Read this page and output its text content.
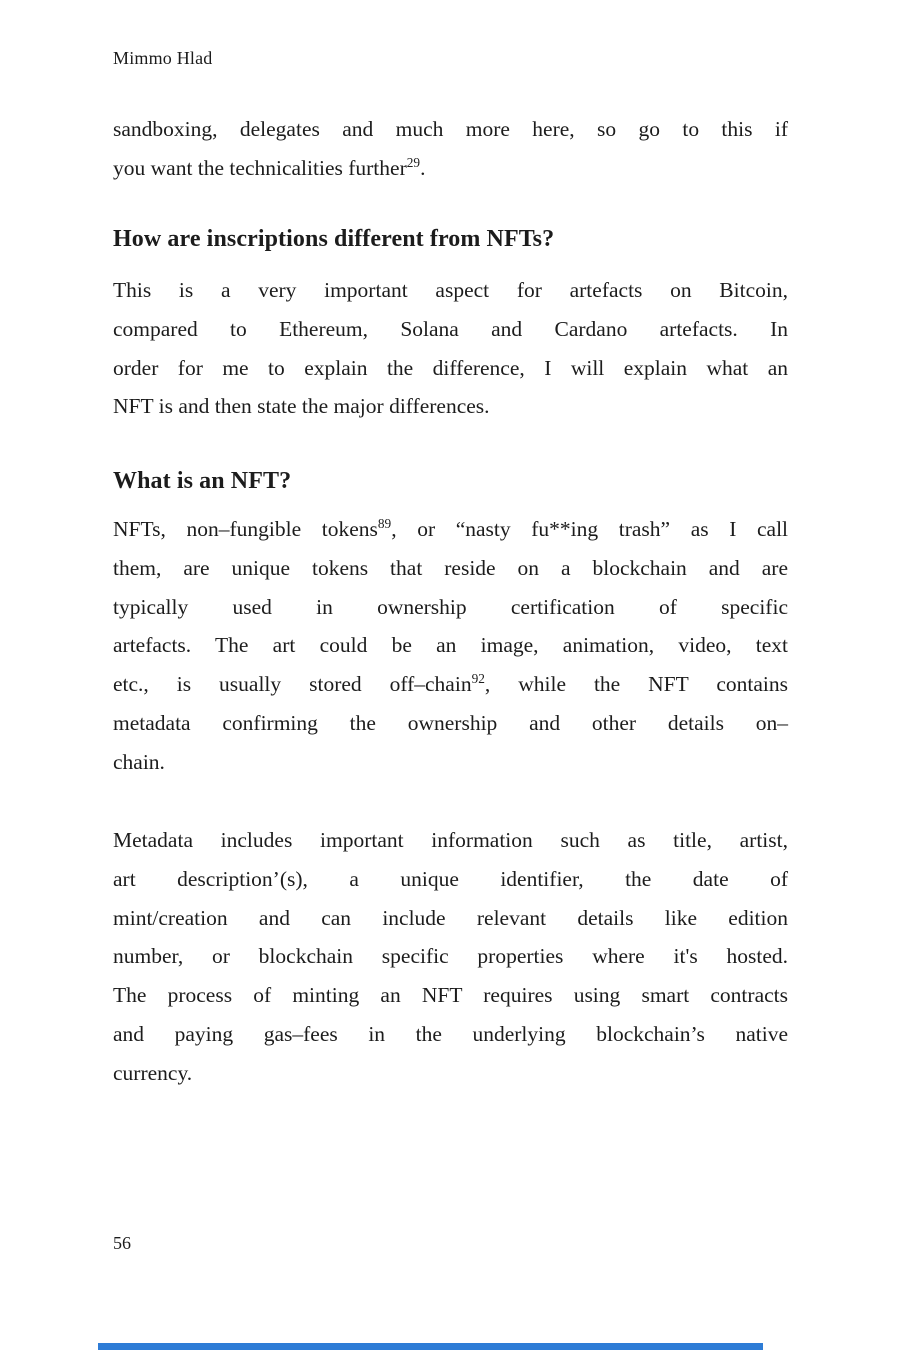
Mimmo Hlad
sandboxing, delegates and much more here, so go to this if
you want the technicalities further$^{29}$.
How are inscriptions different from NFTs?
This is a very important aspect for artefacts on Bitcoin,
compared to Ethereum, Solana and Cardano artefacts. In
order for me to explain the difference, I will explain what an
NFT is and then state the major differences.
What is an NFT?
NFTs, non–fungible tokens$^{89}$, or “nasty fu**ing trash” as I call
them, are unique tokens that reside on a blockchain and are
typically used in ownership certification of specific
artefacts. The art could be an image, animation, video, text
etc., is usually stored off–chain$^{92}$, while the NFT contains
metadata confirming the ownership and other details on–
chain.
Metadata includes important information such as title, artist,
art description’(s), a unique identifier, the date of
mint/creation and can include relevant details like edition
number, or blockchain specific properties where it's hosted.
The process of minting an NFT requires using smart contracts
and paying gas–fees in the underlying blockchain’s native
currency.
56
